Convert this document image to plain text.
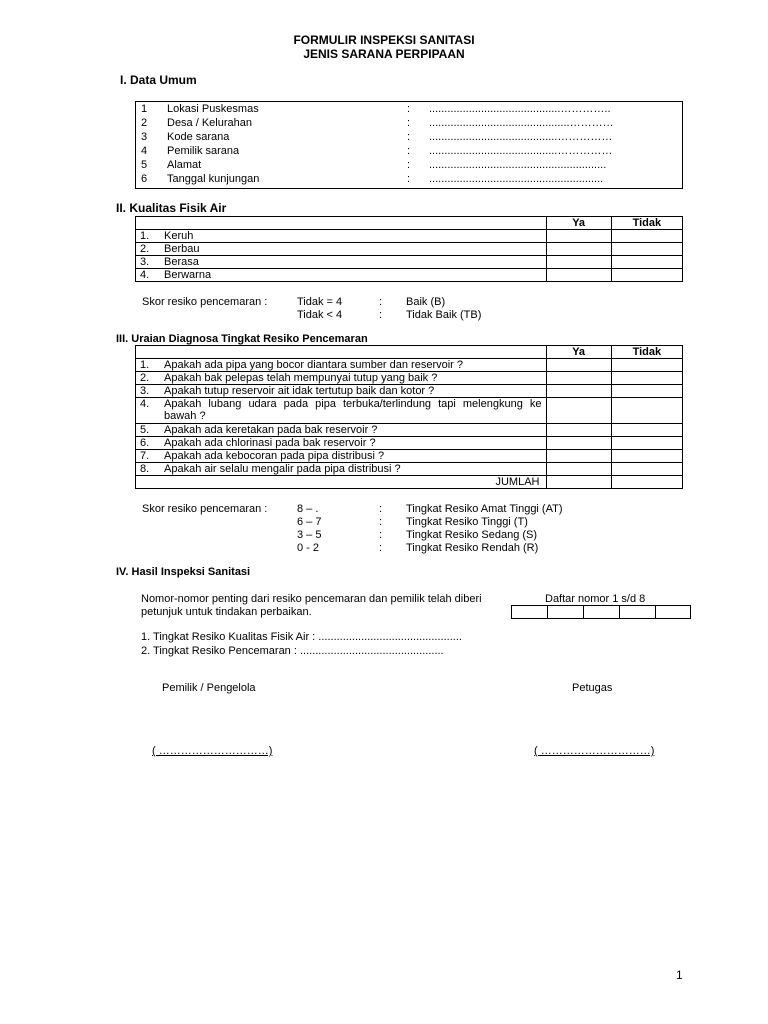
FORMULIR INSPEKSI SANITASI
JENIS SARANA PERPIPAAN
I. Data Umum
1	Lokasi Puskesmas	:	...........................................…………..
2	Desa / Kelurahan	:	..............................................…………
3	Kode sarana	:	..........................................……………
4	Pemilik sarana	:	..........................................……………
5	Alamat	:	..........................................................
6	Tanggal kunjungan	:	.........................................................
II. Kualitas Fisik Air
	Ya	Tidak
1. Keruh		
2. Berbau		
3. Berasa		
4. Berwarna		
Skor resiko pencemaran :	Tidak = 4	: Baik (B)
Tidak < 4	: Tidak Baik (TB)
III. Uraian Diagnosa Tingkat Resiko Pencemaran
	Ya	Tidak
1. Apakah ada pipa yang bocor diantara sumber dan reservoir ?		
2. Apakah bak pelepas telah mempunyai tutup yang baik ?		
3. Apakah tutup reservoir ait idak tertutup baik dan kotor ?		

4. Apakah lubang udara pada pipa terbuka/terlindung tapi melengkung ke bawah ?		

5. Apakah ada keretakan pada bak reservoir ?		
6. Apakah ada chlorinasi pada bak reservoir ?		
7. Apakah ada kebocoran pada pipa distribusi ?		
8. Apakah air selalu mengalir pada pipa distribusi ?		
JUMLAH		
Skor resiko pencemaran :	8 – .	: Tingkat Resiko Amat Tinggi (AT)
6 – 7	: Tingkat Resiko Tinggi (T)
3 – 5	: Tingkat Resiko Sedang (S)
0 - 2	: Tingkat Resiko Rendah (R)
IV. Hasil Inspeksi Sanitasi
Nomor-nomor penting dari resiko pencemaran dan pemilik telah diberi
petunjuk untuk tindakan perbaikan.
Daftar nomor 1 s/d 8

1. Tingkat Resiko Kualitas Fisik Air : ...............................................
2. Tingkat Resiko Pencemaran : ...............................................
Pemilik / Pengelola	Petugas
( …………………………)	( …………………………)
1
